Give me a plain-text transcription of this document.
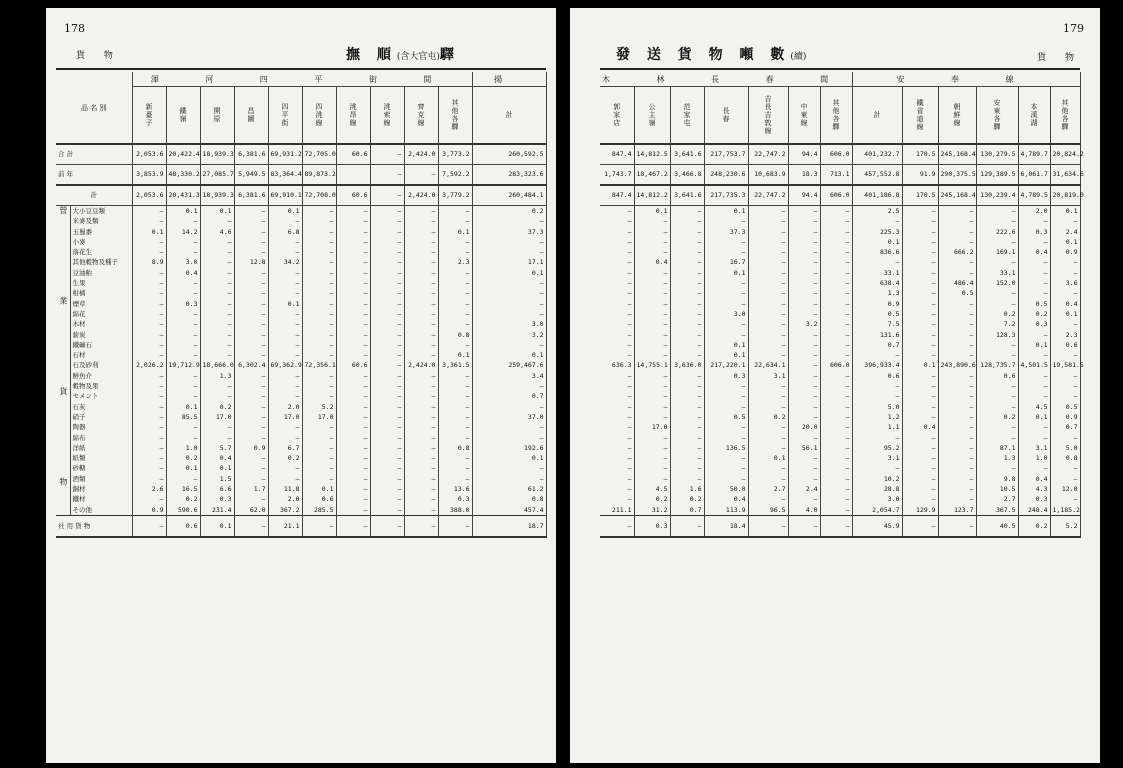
178
貨 物	撫 順(含大官屯)驛
品 名 別		渾 河 四 平 街 間										揚
		新臺子	鐵嶺	開原	昌圖	四平街	四洮線	洮昂線	洮索線	齊克線	其他各驛	計
合 計		2,053.6	20,422.4	18,939.3	6,381.6	69,931.2	72,705.0	60.6	—	2,424.0	3,773.2	260,592.5
前 年		3,853.9	48,330.2	27,085.7	5,949.5	83,364.4	89,873.2		—	—	7,592.2	283,323.6
計		2,053.6	20,431.3	18,939.3	6,381.6	69,910.1	72,708.0	60.6	—	2,424.0	3,779.2	260,484.1
營 業 貨 物	大小豆豆類	—	0.1	0.1	—	0.1	—	—	—	—	—	0.2
	米麥及類	—	—	—	—	—	—	—	—	—	—	—
	玉蜀黍	0.1	14.2	4.6	—	6.8	—	—	—	—	0.1	37.3
	小麥	—	—	—	—	—	—	—	—	—	—	—
	落花生	—	—	—	—	—	—	—	—	—	—	—
	其他穀物及種子	8.9	3.0	—	12.8	34.2	—	—	—	—	2.3	17.1
	豆油粕	—	0.4	—	—	—	—	—	—	—	—	0.1
	生果	—	—	—	—	—	—	—	—	—	—	—
	柑橘	—	—	—	—	—	—	—	—	—	—	—
	煙草	—	0.3	—	—	0.1	—	—	—	—	—	—
	綿花	—	—	—	—	—	—	—	—	—	—	—
	木材	—	—	—	—	—	—	—	—	—	—	3.0
	薪炭	—	—	—	—	—	—	—	—	—	0.8	3.2
	鐵礦石	—	—	—	—	—	—	—	—	—	—	—
	石材	—	—	—	—	—	—	—	—	—	0.1	0.1
	石及砂利	2,026.2	19,712.9	18,666.0	6,302.4	69,362.9	72,356.1	60.6	—	2,424.0	3,361.5	259,467.6
	鮮魚介	—	—	1.3	—	—	—	—	—	—	—	3.4
	穀物及果	—	—	—	—	—	—	—	—	—	—	—
	セメント	—	—	—	—	—	—	—	—	—	—	0.7
	石灰	—	0.1	0.2	—	2.0	5.2	—	—	—	—	—
	硝子	—	85.5	17.0	—	17.0	17.0	—	—	—	—	37.0
	陶器	—	—	—	—	—	—	—	—	—	—	—
	綿布	—	—	—	—	—	—	—	—	—	—	—
	洋紙	—	1.0	5.7	0.9	6.7	—	—	—	—	0.8	192.6
	紙類	—	0.2	0.4	—	0.2	—	—	—	—	—	0.1
	砂糖	—	0.1	0.1	—	—	—	—	—	—	—	—
	酒類	—	—	1.5	—	—	—	—	—	—	—	—
	銅材	2.6	16.5	6.6	1.7	11.8	0.1	—	—	—	13.6	61.2
	鐵材	—	0.2	0.3	—	2.0	0.6	—	—	—	0.3	0.8
	その他	0.9	590.6	231.4	62.0	367.2	285.5	—	—	—	388.0	457.4
社 用 貨 物		—	0.6	0.1	—	21.1	—	—	—	—	—	18.7
179
貨 物
發 送 貨 物 噸 數(續)
木 林 長 春 間							安 奉 線					
郭家店	公主嶺	范家屯	長春	吉長吉敦線	中東線	其他各驛	計	鐵省道線	朝鮮線	安東各驛	本溪湖	其他各驛
847.4	14,812.5	3,641.6	217,753.7	22,747.2	94.4	606.0	401,232.7	170.5	245,168.4	130,279.5	4,789.7	20,824.2
1,743.7	18,467.2	3,466.8	248,230.6	10,683.9	18.3	713.1	457,552.8	91.9	290,375.5	129,389.5	6,061.7	31,634.6
847.4	14,812.2	3,641.6	217,735.3	22,747.2	94.4	606.0	401,186.8	170.5	245,168.4	130,239.4	4,789.5	20,819.0
—	0.1	—	0.1	—	—	—	2.5	—	—	—	2.0	0.1
—	—	—	—	—	—	—	—	—	—	—	—	—
—	—	—	37.3	—	—	—	225.3	—	—	222.6	0.3	2.4
—	—	—	—	—	—	—	0.1	—	—	—	—	0.1
—	—	—	—	—	—	—	836.6	—	666.2	169.1	0.4	0.9
—	0.4	—	16.7	—	—	—	—	—	—	—	—	—
—	—	—	0.1	—	—	—	33.1	—	—	33.1	—	—
—	—	—	—	—	—	—	638.4	—	486.4	152.0	—	3.6
—	—	—	—	—	—	—	1.3	—	0.5	—	—	—
—	—	—	—	—	—	—	0.9	—	—	—	0.5	0.4
—	—	—	3.0	—	—	—	0.5	—	—	0.2	0.2	0.1
—	—	—	—	—	3.2	—	7.5	—	—	7.2	0.3	—
—	—	—	—	—	—	—	131.6	—	—	128.3	—	2.3
—	—	—	0.1	—	—	—	0.7	—	—	—	0.1	0.6
—	—	—	0.1	—	—	—	—	—	—	—	—	—
636.3	14,755.1	3,636.0	217,220.1	22,634.1	—	606.0	396,933.4	0.1	243,890.6	128,735.7	4,501.5	19,581.5
—	—	—	0.3	3.1	—	—	0.6	—	—	0.6	—	—
—	—	—	—	—	—	—	—	—	—	—	—	—
—	—	—	—	—	—	—	—	—	—	—	—	—
—	—	—	—	—	—	—	5.0	—	—	—	4.5	0.5
—	—	—	0.5	0.2	—	—	1.2	—	—	0.2	0.1	0.9
—	17.0	—	—	—	20.0	—	1.1	0.4	—	—	—	0.7
—	—	—	—	—	—	—	—	—	—	—	—	—
—	—	—	136.5	—	56.1	—	95.2	—	—	87.1	3.1	5.0
—	—	—	—	0.1	—	—	3.1	—	—	1.3	1.0	0.8
—	—	—	—	—	—	—	—	—	—	—	—	—
—	—	—	—	—	—	—	10.2	—	—	9.8	0.4	—
—	4.5	1.6	50.0	2.7	2.4	—	28.8	—	—	10.5	4.3	12.0
—	0.2	0.2	0.4	—	—	—	3.0	—	—	2.7	0.3	—
211.1	31.2	0.7	113.9	96.5	4.0	—	2,054.7	129.9	123.7	367.5	248.4	1,185.2
—	0.3	—	18.4	—	—	—	45.9	—	—	40.5	0.2	5.2
